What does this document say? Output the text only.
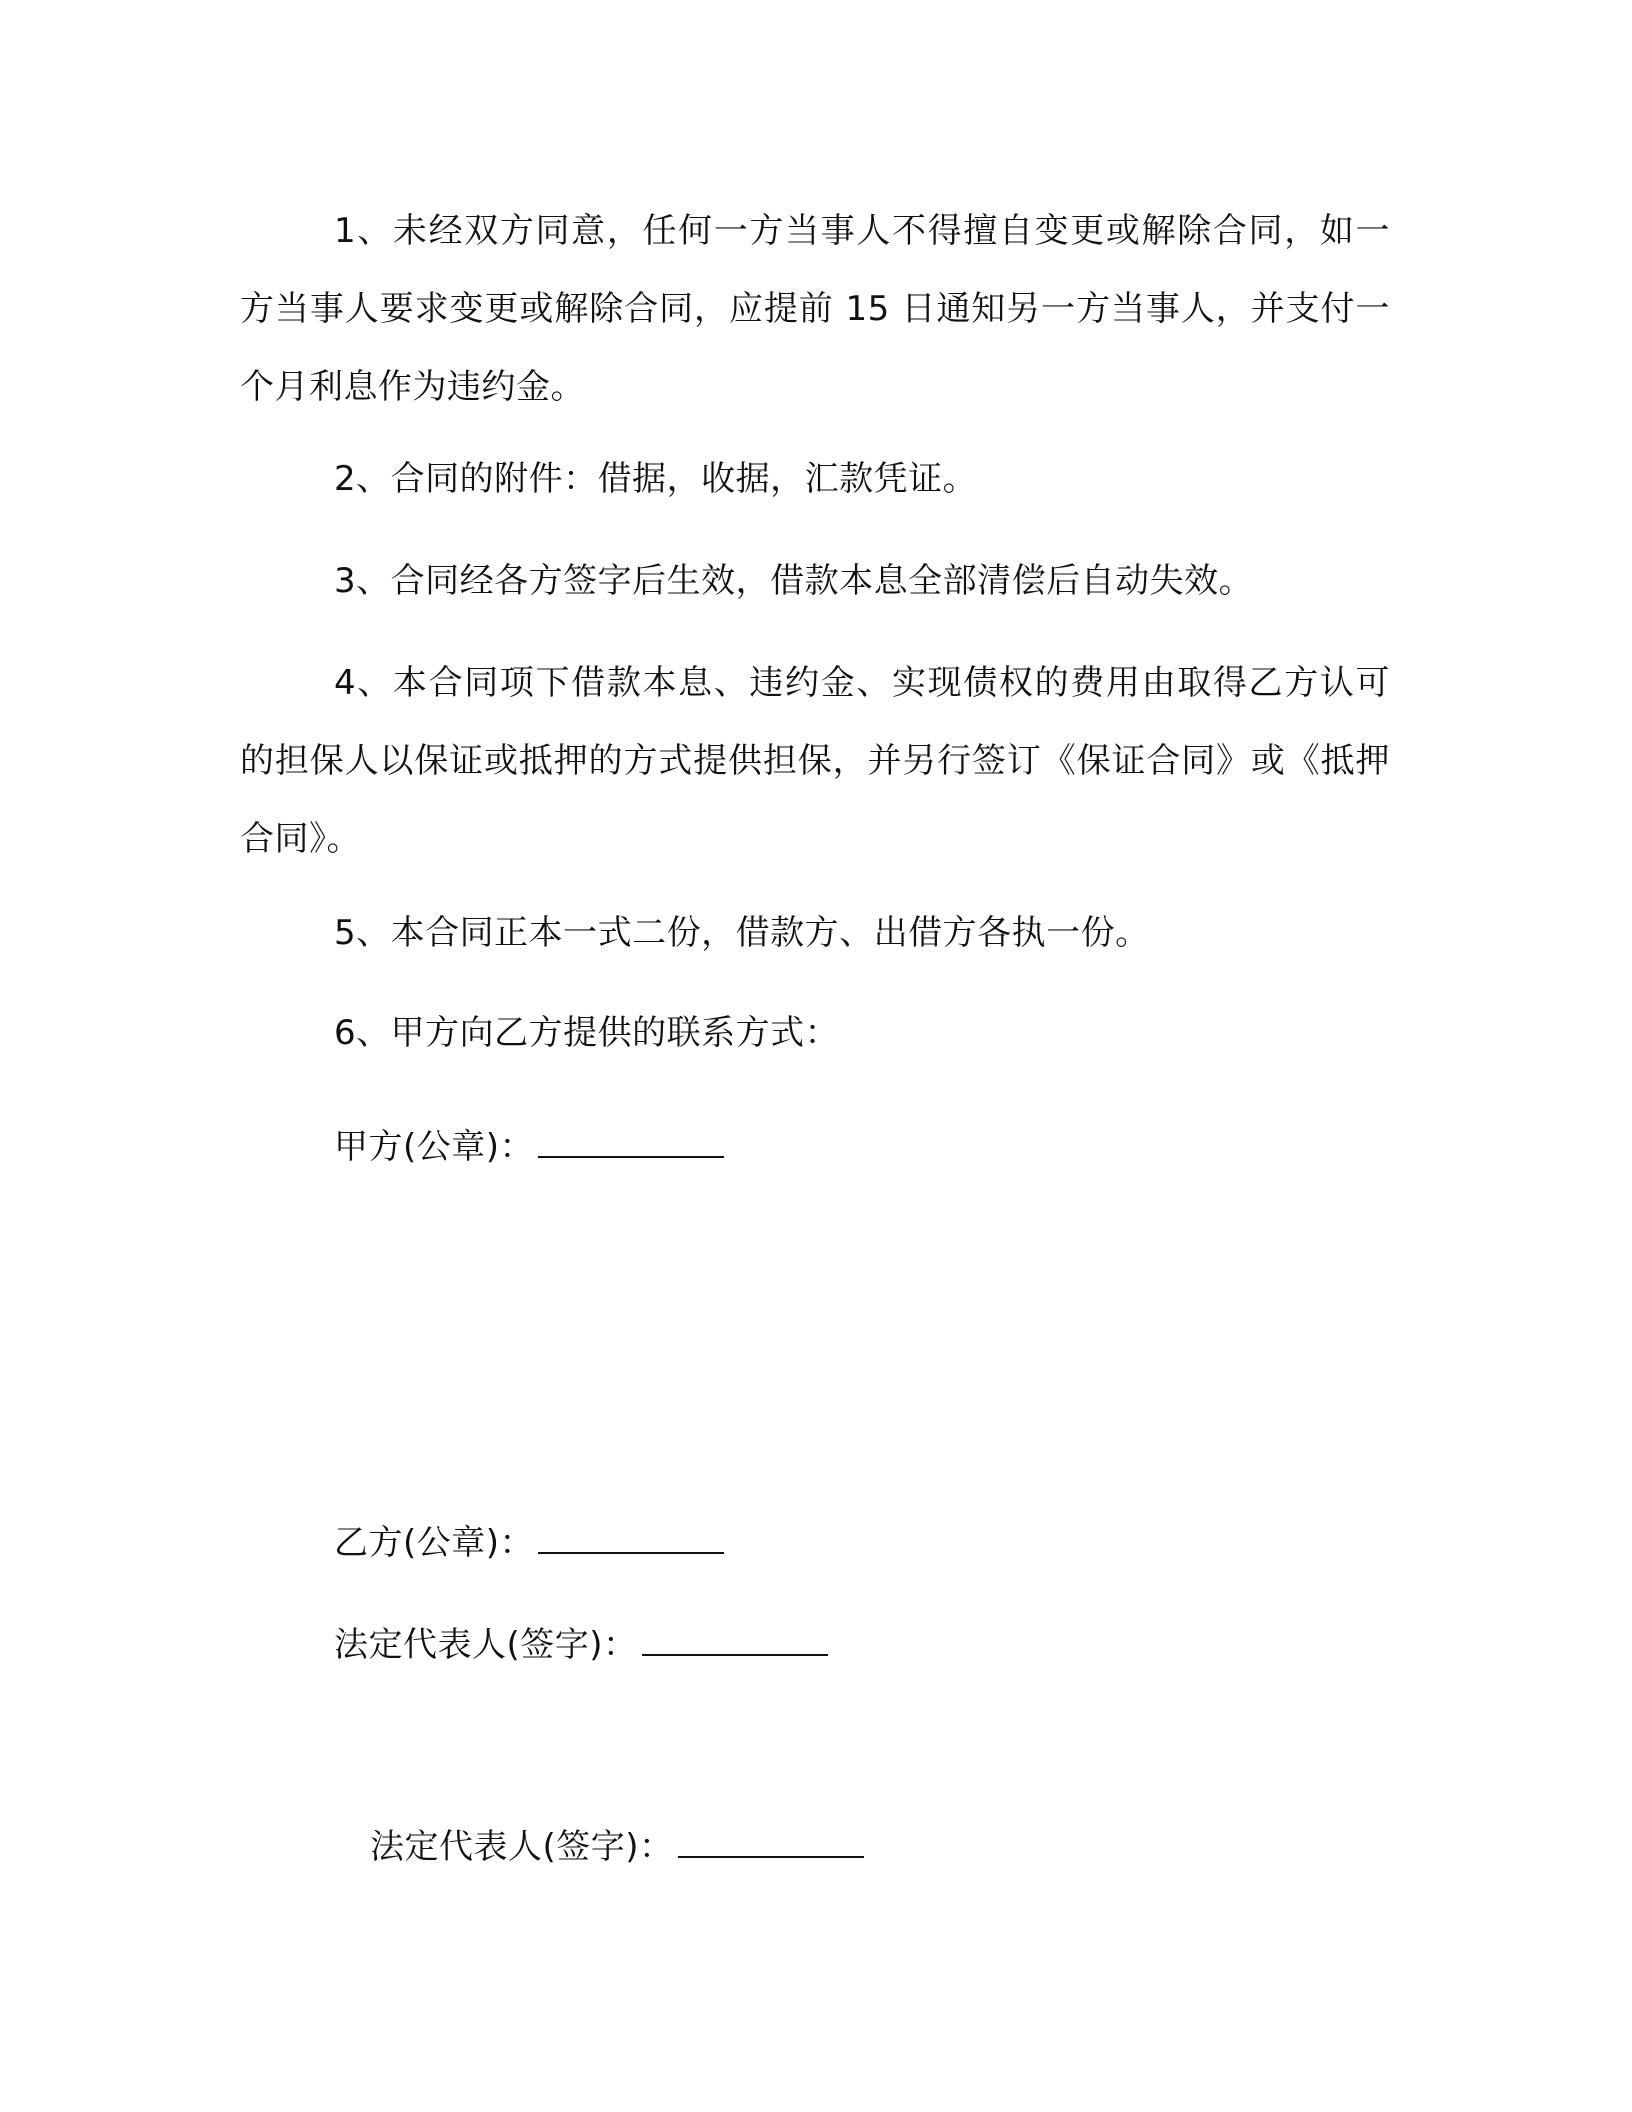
1、未经双方同意，任何一方当事人不得擅自变更或解除合同，如一方当事人要求变更或解除合同，应提前 15 日通知另一方当事人，并支付一个月利息作为违约金。

2、合同的附件：借据，收据，汇款凭证。

3、合同经各方签字后生效，借款本息全部清偿后自动失效。

4、本合同项下借款本息、违约金、实现债权的费用由取得乙方认可的担保人以保证或抵押的方式提供担保，并另行签订《保证合同》或《抵押合同》。

5、本合同正本一式二份，借款方、出借方各执一份。

6、甲方向乙方提供的联系方式：

甲方(公章)：
乙方(公章)：
法定代表人(签字)：
法定代表人(签字)：
